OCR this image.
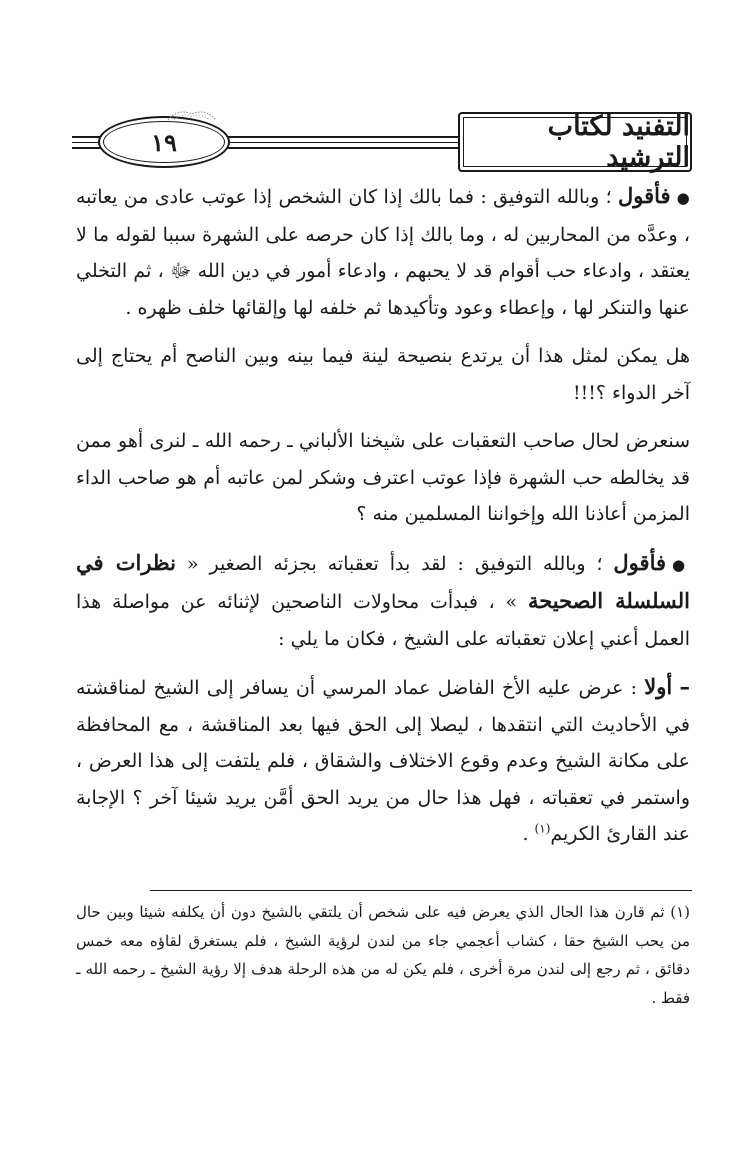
١٩	التفنيد لكتاب الترشيد

●فأقول ؛ وبالله التوفيق : فما بالك إذا كان الشخص إذا عوتب عادى من يعاتبه ، وعدَّه من المحاربين له ، وما بالك إذا كان حرصه على الشهرة سببا لقوله ما لا يعتقد ، وادعاء حب أقوام قد لا يحبهم ، وادعاء أمور في دين الله ﷻ ، ثم التخلي عنها والتنكر لها ، وإعطاء وعود وتأكيدها ثم خلفه لها وإلقائها خلف ظهره .

هل يمكن لمثل هذا أن يرتدع بنصيحة لينة فيما بينه وبين الناصح أم يحتاج إلى آخر الدواء ؟!!!

سنعرض لحال صاحب التعقبات على شيخنا الألباني ـ رحمه الله ـ لنرى أهو ممن قد يخالطه حب الشهرة فإذا عوتب اعترف وشكر لمن عاتبه أم هو صاحب الداء المزمن أعاذنا الله وإخواننا المسلمين منه ؟

●فأقول ؛ وبالله التوفيق : لقد بدأ تعقباته بجزئه الصغير « نظرات في السلسلة الصحيحة » ، فبدأت محاولات الناصحين لإثنائه عن مواصلة هذا العمل أعني إعلان تعقباته على الشيخ ، فكان ما يلي :

– أولا : عرض عليه الأخ الفاضل عماد المرسي أن يسافر إلى الشيخ لمناقشته في الأحاديث التي انتقدها ، ليصلا إلى الحق فيها بعد المناقشة ، مع المحافظة على مكانة الشيخ وعدم وقوع الاختلاف والشقاق ، فلم يلتفت إلى هذا العرض ، واستمر في تعقباته ، فهل هذا حال من يريد الحق أمَّن يريد شيئا آخر ؟ الإجابة عند القارئ الكريم$^{(١)}$ .

(١) ثم قارن هذا الحال الذي يعرض فيه على شخص أن يلتقي بالشيخ دون أن يكلفه شيئا وبين حال من يحب الشيخ حقا ، كشاب أعجمي جاء من لندن لرؤية الشيخ ، فلم يستغرق لقاؤه معه خمس دقائق ، ثم رجع إلى لندن مرة أخرى ، فلم يكن له من هذه الرحلة هدف إلا رؤية الشيخ ـ رحمه الله ـ فقط .
